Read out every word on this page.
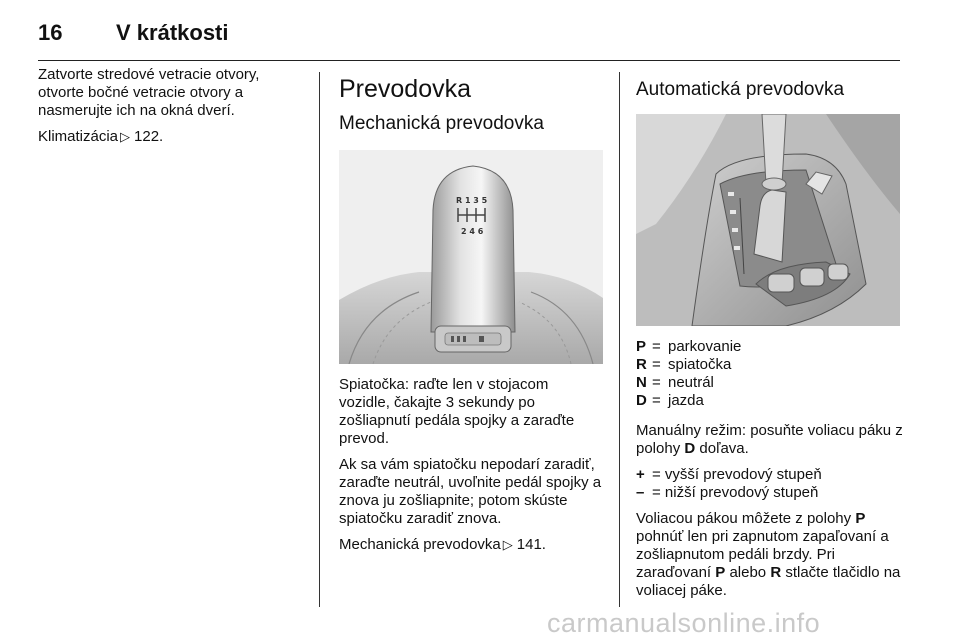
16	V krátkosti

Zatvorte stredové vetracie otvory, otvorte bočné vetracie otvory a nasmerujte ich na okná dverí.

Klimatizácia ▷ 122.

Prevodovka
Mechanická prevodovka
R 1 3 5
2 4 6

Spiatočka: raďte len v stojacom vozidle, čakajte 3 sekundy po zošliapnutí pedála spojky a zaraďte prevod.

Ak sa vám spiatočku nepodarí zaradiť, zaraďte neutrál, uvoľnite pedál spojky a znova ju zošliapnite; potom skúste spiatočku zaradiť znova.

Mechanická prevodovka ▷ 141.

Automatická prevodovka
P = parkovanie
R = spiatočka
N = neutrál
D = jazda

Manuálny režim: posuňte voliacu páku z polohy D doľava.

+ = vyšší prevodový stupeň
– = nižší prevodový stupeň

Voliacou pákou môžete z polohy P pohnúť len pri zapnutom zapaľovaní a zošliapnutom pedáli brzdy. Pri zaraďovaní P alebo R stlačte tlačidlo na voliacej páke.

carmanualsonline.info
